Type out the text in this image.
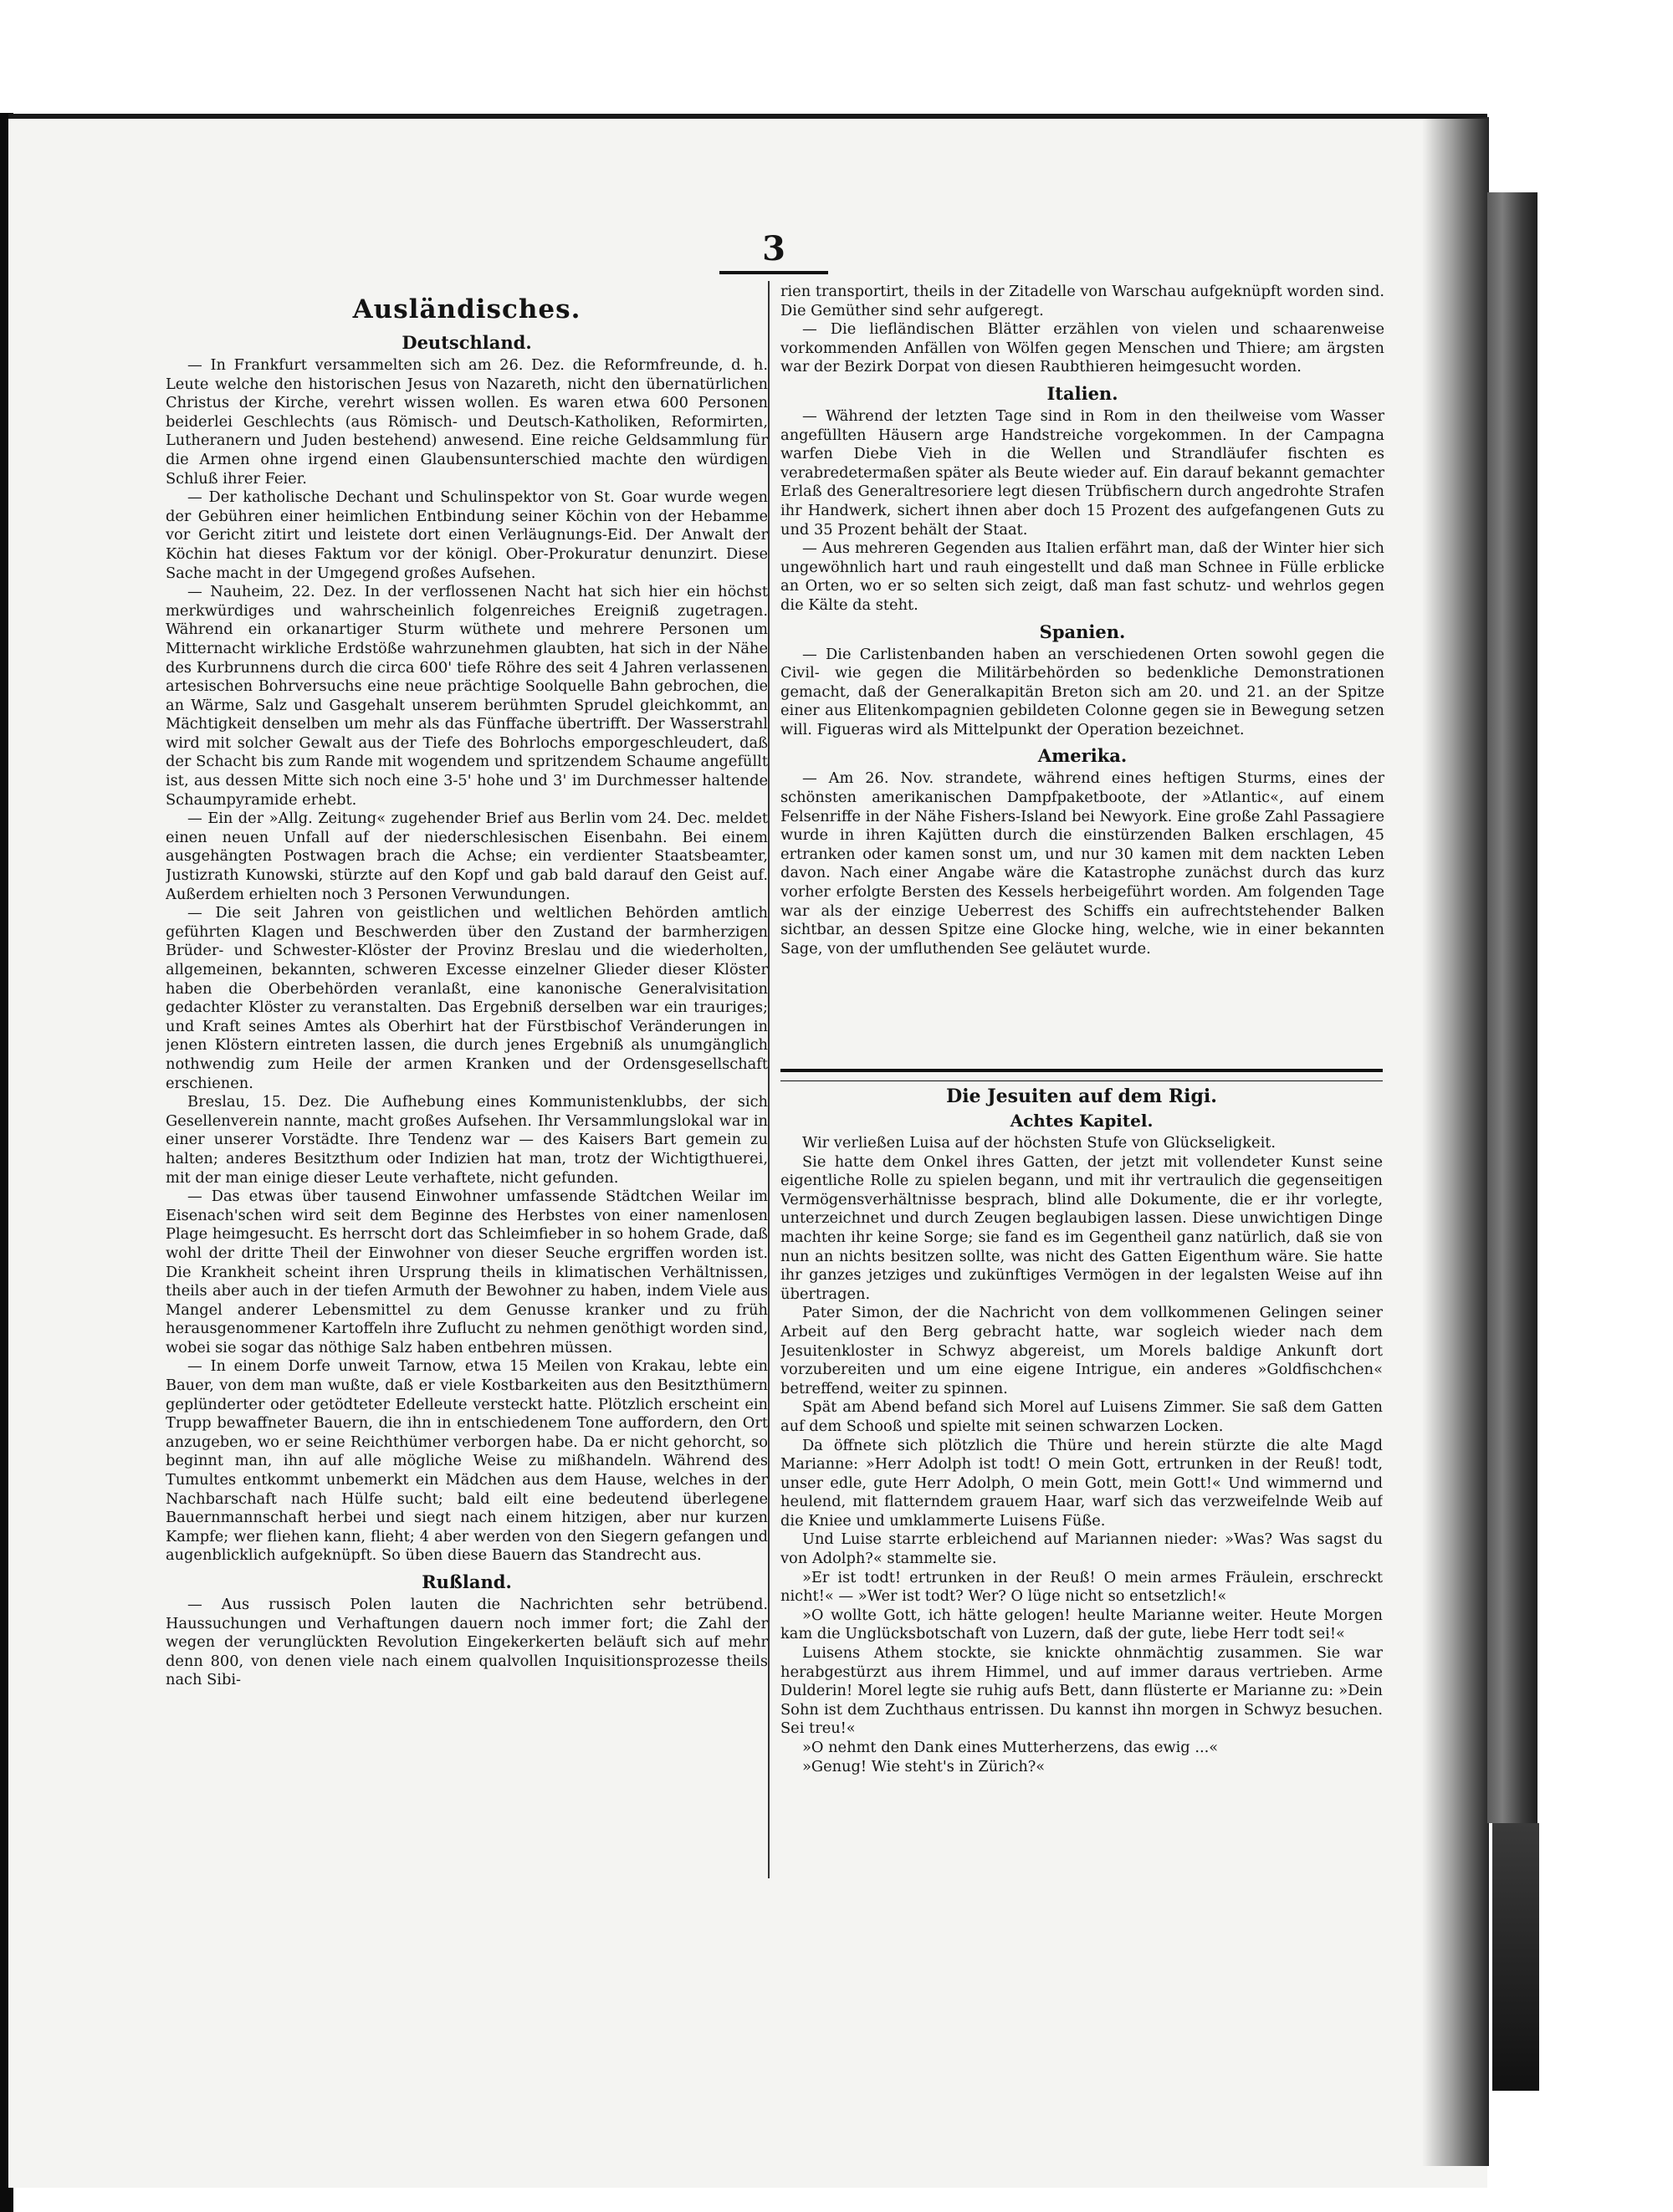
3
Ausländisches.
Deutschland.

— In Frankfurt versammelten sich am 26. Dez. die Reformfreunde, d. h. Leute welche den historischen Jesus von Nazareth, nicht den übernatürlichen Christus der Kirche, verehrt wissen wollen. Es waren etwa 600 Personen beiderlei Geschlechts (aus Römisch- und Deutsch-Katholiken, Reformirten, Lutheranern und Juden bestehend) anwesend. Eine reiche Geldsammlung für die Armen ohne irgend einen Glaubensunterschied machte den würdigen Schluß ihrer Feier.

— Der katholische Dechant und Schulinspektor von St. Goar wurde wegen der Gebühren einer heimlichen Entbindung seiner Köchin von der Hebamme vor Gericht zitirt und leistete dort einen Verläugnungs-Eid. Der Anwalt der Köchin hat dieses Faktum vor der königl. Ober-Prokuratur denunzirt. Diese Sache macht in der Umgegend großes Aufsehen.

— Nauheim, 22. Dez. In der verflossenen Nacht hat sich hier ein höchst merkwürdiges und wahrscheinlich folgenreiches Ereigniß zugetragen. Während ein orkanartiger Sturm wüthete und mehrere Personen um Mitternacht wirkliche Erdstöße wahrzunehmen glaubten, hat sich in der Nähe des Kurbrunnens durch die circa 600' tiefe Röhre des seit 4 Jahren verlassenen artesischen Bohrversuchs eine neue prächtige Soolquelle Bahn gebrochen, die an Wärme, Salz und Gasgehalt unserem berühmten Sprudel gleichkommt, an Mächtigkeit denselben um mehr als das Fünffache übertrifft. Der Wasserstrahl wird mit solcher Gewalt aus der Tiefe des Bohrlochs emporgeschleudert, daß der Schacht bis zum Rande mit wogendem und spritzendem Schaume angefüllt ist, aus dessen Mitte sich noch eine 3-5' hohe und 3' im Durchmesser haltende Schaumpyramide erhebt.

— Ein der »Allg. Zeitung« zugehender Brief aus Berlin vom 24. Dec. meldet einen neuen Unfall auf der niederschlesischen Eisenbahn. Bei einem ausgehängten Postwagen brach die Achse; ein verdienter Staatsbeamter, Justizrath Kunowski, stürzte auf den Kopf und gab bald darauf den Geist auf. Außerdem erhielten noch 3 Personen Verwundungen.

— Die seit Jahren von geistlichen und weltlichen Behörden amtlich geführten Klagen und Beschwerden über den Zustand der barmherzigen Brüder- und Schwester-Klöster der Provinz Breslau und die wiederholten, allgemeinen, bekannten, schweren Excesse einzelner Glieder dieser Klöster haben die Oberbehörden veranlaßt, eine kanonische Generalvisitation gedachter Klöster zu veranstalten. Das Ergebniß derselben war ein trauriges; und Kraft seines Amtes als Oberhirt hat der Fürstbischof Veränderungen in jenen Klöstern eintreten lassen, die durch jenes Ergebniß als unumgänglich nothwendig zum Heile der armen Kranken und der Ordensgesellschaft erschienen.

Breslau, 15. Dez. Die Aufhebung eines Kommunistenklubbs, der sich Gesellenverein nannte, macht großes Aufsehen. Ihr Versammlungslokal war in einer unserer Vorstädte. Ihre Tendenz war — des Kaisers Bart gemein zu halten; anderes Besitzthum oder Indizien hat man, trotz der Wichtigthuerei, mit der man einige dieser Leute verhaftete, nicht gefunden.

— Das etwas über tausend Einwohner umfassende Städtchen Weilar im Eisenach'schen wird seit dem Beginne des Herbstes von einer namenlosen Plage heimgesucht. Es herrscht dort das Schleimfieber in so hohem Grade, daß wohl der dritte Theil der Einwohner von dieser Seuche ergriffen worden ist. Die Krankheit scheint ihren Ursprung theils in klimatischen Verhältnissen, theils aber auch in der tiefen Armuth der Bewohner zu haben, indem Viele aus Mangel anderer Lebensmittel zu dem Genusse kranker und zu früh herausgenommener Kartoffeln ihre Zuflucht zu nehmen genöthigt worden sind, wobei sie sogar das nöthige Salz haben entbehren müssen.

— In einem Dorfe unweit Tarnow, etwa 15 Meilen von Krakau, lebte ein Bauer, von dem man wußte, daß er viele Kostbarkeiten aus den Besitzthümern geplünderter oder getödteter Edelleute versteckt hatte. Plötzlich erscheint ein Trupp bewaffneter Bauern, die ihn in entschiedenem Tone auffordern, den Ort anzugeben, wo er seine Reichthümer verborgen habe. Da er nicht gehorcht, so beginnt man, ihn auf alle mögliche Weise zu mißhandeln. Während des Tumultes entkommt unbemerkt ein Mädchen aus dem Hause, welches in der Nachbarschaft nach Hülfe sucht; bald eilt eine bedeutend überlegene Bauernmannschaft herbei und siegt nach einem hitzigen, aber nur kurzen Kampfe; wer fliehen kann, flieht; 4 aber werden von den Siegern gefangen und augenblicklich aufgeknüpft. So üben diese Bauern das Standrecht aus.

Rußland.

— Aus russisch Polen lauten die Nachrichten sehr betrübend. Haussuchungen und Verhaftungen dauern noch immer fort; die Zahl der wegen der verunglückten Revolution Eingekerkerten beläuft sich auf mehr denn 800, von denen viele nach einem qualvollen Inquisitionsprozesse theils nach Sibi-

rien transportirt, theils in der Zitadelle von Warschau aufgeknüpft worden sind. Die Gemüther sind sehr aufgeregt.

— Die liefländischen Blätter erzählen von vielen und schaarenweise vorkommenden Anfällen von Wölfen gegen Menschen und Thiere; am ärgsten war der Bezirk Dorpat von diesen Raubthieren heimgesucht worden.

Italien.

— Während der letzten Tage sind in Rom in den theilweise vom Wasser angefüllten Häusern arge Handstreiche vorgekommen. In der Campagna warfen Diebe Vieh in die Wellen und Strandläufer fischten es verabredetermaßen später als Beute wieder auf. Ein darauf bekannt gemachter Erlaß des Generaltresoriere legt diesen Trübfischern durch angedrohte Strafen ihr Handwerk, sichert ihnen aber doch 15 Prozent des aufgefangenen Guts zu und 35 Prozent behält der Staat.

— Aus mehreren Gegenden aus Italien erfährt man, daß der Winter hier sich ungewöhnlich hart und rauh eingestellt und daß man Schnee in Fülle erblicke an Orten, wo er so selten sich zeigt, daß man fast schutz- und wehrlos gegen die Kälte da steht.

Spanien.

— Die Carlistenbanden haben an verschiedenen Orten sowohl gegen die Civil- wie gegen die Militärbehörden so bedenkliche Demonstrationen gemacht, daß der Generalkapitän Breton sich am 20. und 21. an der Spitze einer aus Elitenkompagnien gebildeten Colonne gegen sie in Bewegung setzen will. Figueras wird als Mittelpunkt der Operation bezeichnet.

Amerika.

— Am 26. Nov. strandete, während eines heftigen Sturms, eines der schönsten amerikanischen Dampfpaketboote, der »Atlantic«, auf einem Felsenriffe in der Nähe Fishers-Island bei Newyork. Eine große Zahl Passagiere wurde in ihren Kajütten durch die einstürzenden Balken erschlagen, 45 ertranken oder kamen sonst um, und nur 30 kamen mit dem nackten Leben davon. Nach einer Angabe wäre die Katastrophe zunächst durch das kurz vorher erfolgte Bersten des Kessels herbeigeführt worden. Am folgenden Tage war als der einzige Ueberrest des Schiffs ein aufrechtstehender Balken sichtbar, an dessen Spitze eine Glocke hing, welche, wie in einer bekannten Sage, von der umfluthenden See geläutet wurde.

Die Jesuiten auf dem Rigi.
Achtes Kapitel.

Wir verließen Luisa auf der höchsten Stufe von Glückseligkeit.

Sie hatte dem Onkel ihres Gatten, der jetzt mit vollendeter Kunst seine eigentliche Rolle zu spielen begann, und mit ihr vertraulich die gegenseitigen Vermögensverhältnisse besprach, blind alle Dokumente, die er ihr vorlegte, unterzeichnet und durch Zeugen beglaubigen lassen. Diese unwichtigen Dinge machten ihr keine Sorge; sie fand es im Gegentheil ganz natürlich, daß sie von nun an nichts besitzen sollte, was nicht des Gatten Eigenthum wäre. Sie hatte ihr ganzes jetziges und zukünftiges Vermögen in der legalsten Weise auf ihn übertragen.

Pater Simon, der die Nachricht von dem vollkommenen Gelingen seiner Arbeit auf den Berg gebracht hatte, war sogleich wieder nach dem Jesuitenkloster in Schwyz abgereist, um Morels baldige Ankunft dort vorzubereiten und um eine eigene Intrigue, ein anderes »Goldfischchen« betreffend, weiter zu spinnen.

Spät am Abend befand sich Morel auf Luisens Zimmer. Sie saß dem Gatten auf dem Schooß und spielte mit seinen schwarzen Locken.

Da öffnete sich plötzlich die Thüre und herein stürzte die alte Magd Marianne: »Herr Adolph ist todt! O mein Gott, ertrunken in der Reuß! todt, unser edle, gute Herr Adolph, O mein Gott, mein Gott!« Und wimmernd und heulend, mit flatterndem grauem Haar, warf sich das verzweifelnde Weib auf die Kniee und umklammerte Luisens Füße.

Und Luise starrte erbleichend auf Mariannen nieder: »Was? Was sagst du von Adolph?« stammelte sie.

»Er ist todt! ertrunken in der Reuß! O mein armes Fräulein, erschreckt nicht!« — »Wer ist todt? Wer? O lüge nicht so entsetzlich!«

»O wollte Gott, ich hätte gelogen! heulte Marianne weiter. Heute Morgen kam die Unglücksbotschaft von Luzern, daß der gute, liebe Herr todt sei!«

Luisens Athem stockte, sie knickte ohnmächtig zusammen. Sie war herabgestürzt aus ihrem Himmel, und auf immer daraus vertrieben. Arme Dulderin! Morel legte sie ruhig aufs Bett, dann flüsterte er Marianne zu: »Dein Sohn ist dem Zuchthaus entrissen. Du kannst ihn morgen in Schwyz besuchen. Sei treu!«

»O nehmt den Dank eines Mutterherzens, das ewig ...«

»Genug! Wie steht's in Zürich?«
